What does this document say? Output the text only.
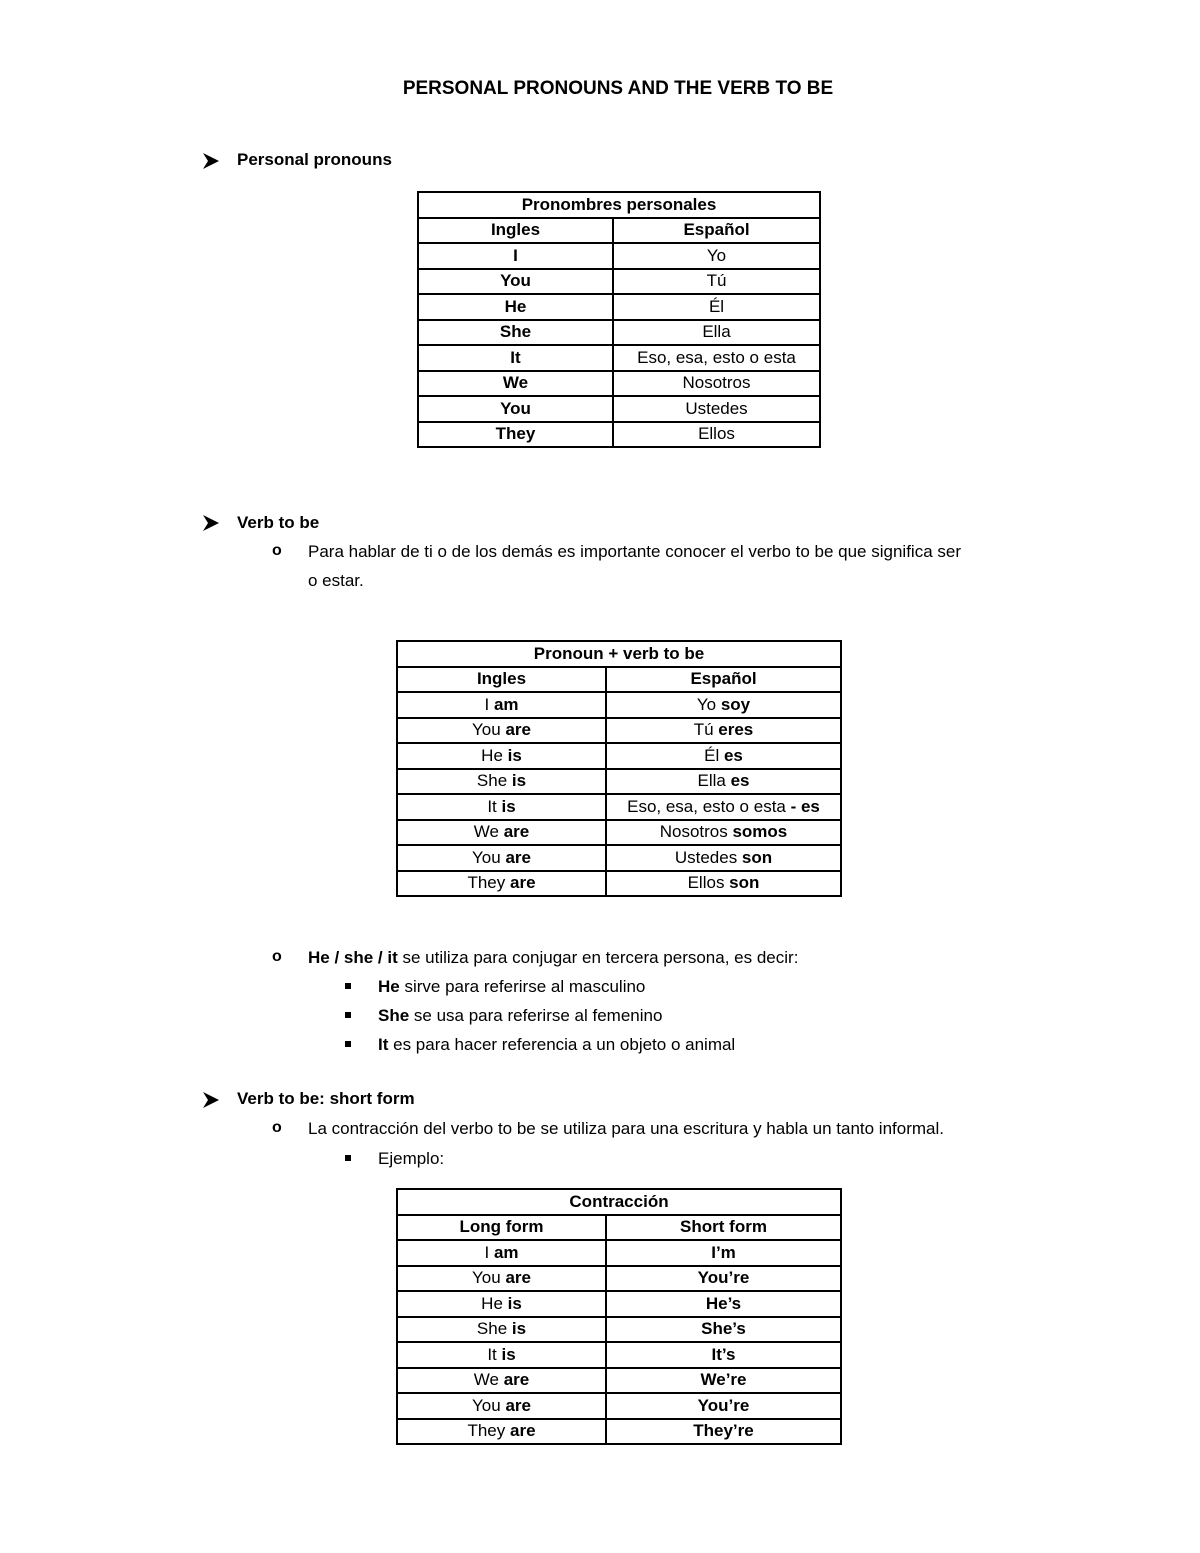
PERSONAL PRONOUNS AND THE VERB TO BE
Personal pronouns
Pronombres personales	
Ingles	Español
I	Yo
You	Tú
He	Él
She	Ella
It	Eso, esa, esto o esta
We	Nosotros
You	Ustedes
They	Ellos
Verb to be
o Para hablar de ti o de los demás es importante conocer el verbo to be que significa ser
o estar.
Pronoun + verb to be	
Ingles	Español
I am	Yo soy
You are	Tú eres
He is	Él es
She is	Ella es
It is	Eso, esa, esto o esta - es
We are	Nosotros somos
You are	Ustedes son
They are	Ellos son
o He / she / it se utiliza para conjugar en tercera persona, es decir:
He sirve para referirse al masculino
She se usa para referirse al femenino
It es para hacer referencia a un objeto o animal
Verb to be: short form
o La contracción del verbo to be se utiliza para una escritura y habla un tanto informal.
Ejemplo:
Contracción	
Long form	Short form
I am	I’m
You are	You’re
He is	He’s
She is	She’s
It is	It’s
We are	We’re
You are	You’re
They are	They’re
